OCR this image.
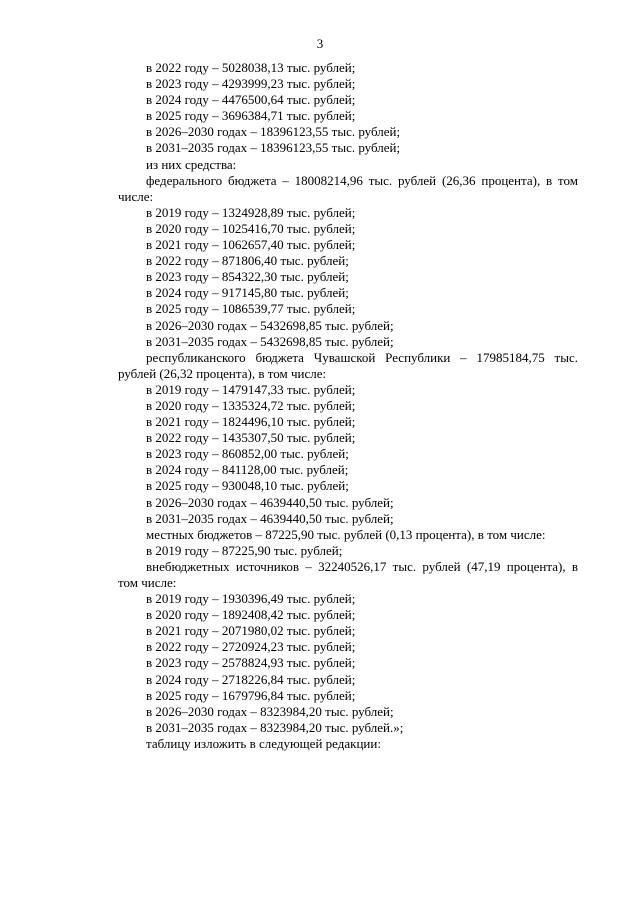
3
в 2022 году – 5028038,13 тыс. рублей;
в 2023 году – 4293999,23 тыс. рублей;
в 2024 году – 4476500,64 тыс. рублей;
в 2025 году – 3696384,71 тыс. рублей;
в 2026–2030 годах – 18396123,55 тыс. рублей;
в 2031–2035 годах – 18396123,55 тыс. рублей;
из них средства:
федерального бюджета – 18008214,96 тыс. рублей (26,36 процента), в том
числе:
в 2019 году – 1324928,89 тыс. рублей;
в 2020 году – 1025416,70 тыс. рублей;
в 2021 году – 1062657,40 тыс. рублей;
в 2022 году – 871806,40 тыс. рублей;
в 2023 году – 854322,30 тыс. рублей;
в 2024 году – 917145,80 тыс. рублей;
в 2025 году – 1086539,77 тыс. рублей;
в 2026–2030 годах – 5432698,85 тыс. рублей;
в 2031–2035 годах – 5432698,85 тыс. рублей;
республиканского бюджета Чувашской Республики – 17985184,75 тыс.
рублей (26,32 процента), в том числе:
в 2019 году – 1479147,33 тыс. рублей;
в 2020 году – 1335324,72 тыс. рублей;
в 2021 году – 1824496,10 тыс. рублей;
в 2022 году – 1435307,50 тыс. рублей;
в 2023 году – 860852,00 тыс. рублей;
в 2024 году – 841128,00 тыс. рублей;
в 2025 году – 930048,10 тыс. рублей;
в 2026–2030 годах – 4639440,50 тыс. рублей;
в 2031–2035 годах – 4639440,50 тыс. рублей;
местных бюджетов – 87225,90 тыс. рублей (0,13 процента), в том числе:
в 2019 году – 87225,90 тыс. рублей;
внебюджетных источников – 32240526,17 тыс. рублей (47,19 процента), в
том числе:
в 2019 году – 1930396,49 тыс. рублей;
в 2020 году – 1892408,42 тыс. рублей;
в 2021 году – 2071980,02 тыс. рублей;
в 2022 году – 2720924,23 тыс. рублей;
в 2023 году – 2578824,93 тыс. рублей;
в 2024 году – 2718226,84 тыс. рублей;
в 2025 году – 1679796,84 тыс. рублей;
в 2026–2030 годах – 8323984,20 тыс. рублей;
в 2031–2035 годах – 8323984,20 тыс. рублей.»;
таблицу изложить в следующей редакции:
